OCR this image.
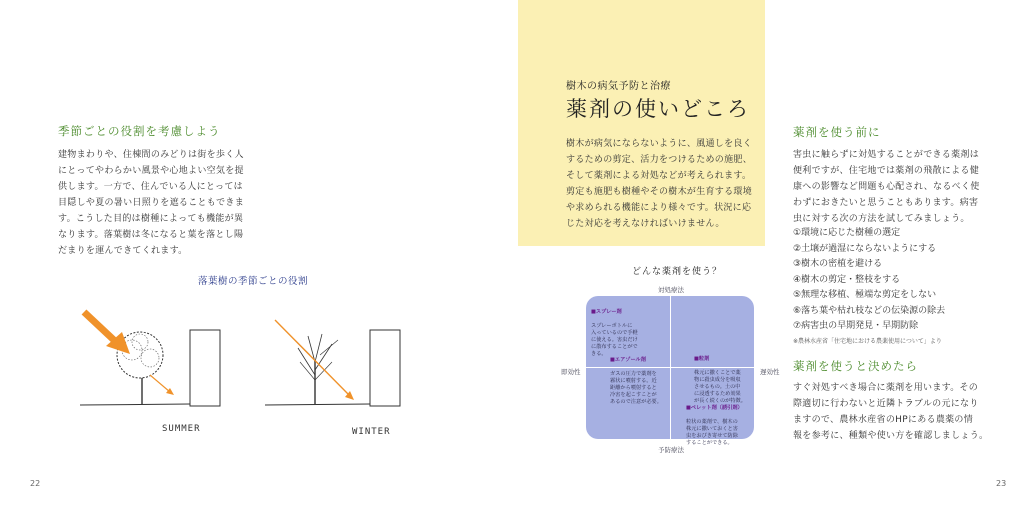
季節ごとの役割を考慮しよう
建物まわりや、住棟間のみどりは街を歩く人
にとってやわらかい風景や心地よい空気を提
供します。一方で、住んでいる人にとっては
目隠しや夏の暑い日照りを遮ることもできま
す。こうした目的は樹種によっても機能が異
なります。落葉樹は冬になると葉を落とし陽
だまりを運んできてくれます。
落葉樹の季節ごとの役割
SUMMER	WINTER
22
樹木の病気予防と治療
薬剤の使いどころ
樹木が病気にならないように、風通しを良く
するための剪定、活力をつけるための施肥、
そして薬剤による対処などが考えられます。
剪定も施肥も樹種やその樹木が生育する環境
や求められる機能により様々です。状況に応
じた対応を考えなければいけません。
どんな薬剤を使う？
対処療法
予防療法
即効性	遅効性

■スプレー剤

スプレーボトルに
入っているので手軽
に使える。害虫だけ
に散布することがで
きる。

■エアゾール剤

ガスの圧力で薬剤を
霧状に噴射する。近
距離から噴射すると
冷害を起こすことが
あるので注意が必要。

■粒剤

株元に撒くことで薬
物に殺虫成分を吸収
させるもの。土の中
に浸透するため効果
が長く続くのが特徴。

■ペレット剤（誘引剤）

粒状の薬剤で、樹木の
株元に撒いておくと害
虫をおびき寄せて防除
することができる。

薬剤を使う前に
害虫に触らずに対処することができる薬剤は
便利ですが、住宅地では薬剤の飛散による健
康への影響など問題も心配され、なるべく使
わずにおきたいと思うこともあります。病害
虫に対する次の方法を試してみましょう。
①環境に応じた樹種の選定
②土壌が過湿にならないようにする
③樹木の密植を避ける
④樹木の剪定・整枝をする
⑤無理な移植、極端な剪定をしない
⑥落ち葉や枯れ枝などの伝染源の除去
⑦病害虫の早期発見・早期防除
※農林水産省「住宅地における農薬使用について」より
薬剤を使うと決めたら
すぐ対処すべき場合に薬剤を用います。その
際適切に行わないと近隣トラブルの元になり
ますので、農林水産省のHPにある農薬の情
報を参考に、種類や使い方を確認しましょう。
23
